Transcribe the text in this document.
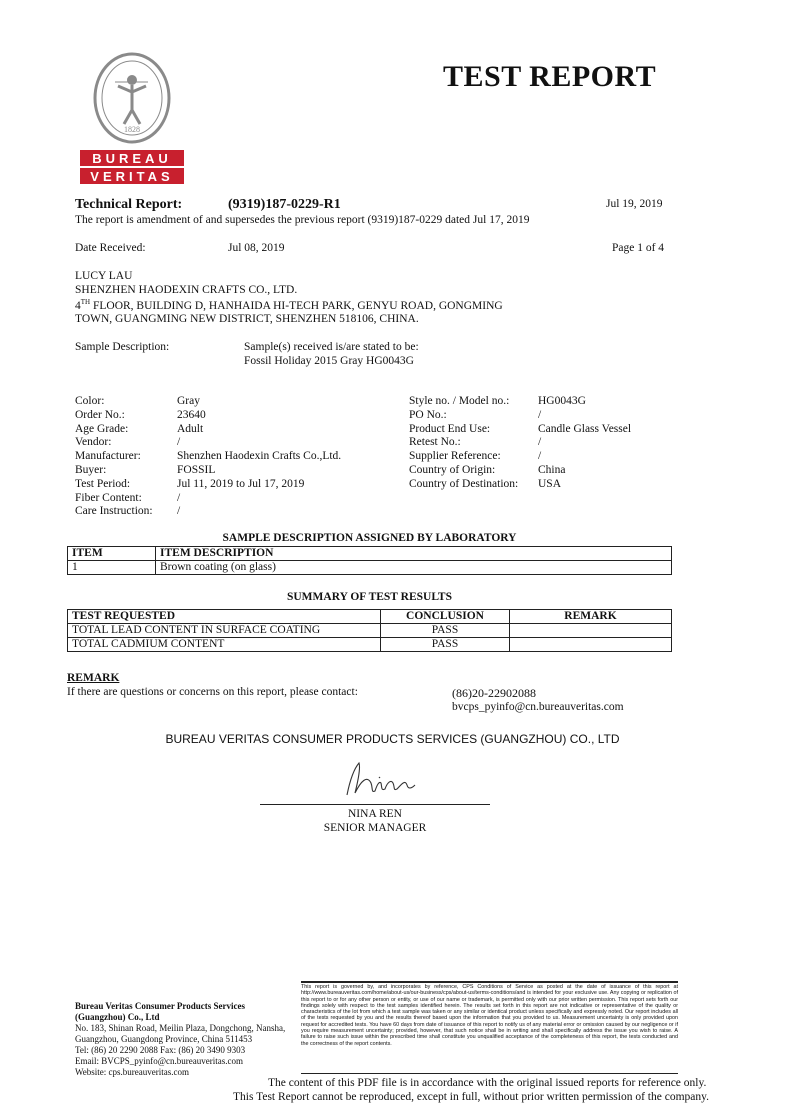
1828
BUREAU
VERITAS
TEST REPORT
Technical Report:	(9319)187-0229-R1	Jul 19, 2019
The report is amendment of and supersedes the previous report (9319)187-0229 dated Jul 17, 2019
Date Received:	Jul 08, 2019	Page 1 of 4
LUCY LAU
SHENZHEN HAODEXIN CRAFTS CO., LTD.
4TH FLOOR, BUILDING D, HANHAIDA HI-TECH PARK, GENYU ROAD, GONGMING
TOWN, GUANGMING NEW DISTRICT, SHENZHEN 518106, CHINA.
Sample Description:	Sample(s) received is/are stated to be:
Fossil Holiday 2015 Gray HG0043G
Color:	Gray
Order No.:	23640
Age Grade:	Adult
Vendor:	/
Manufacturer:	Shenzhen Haodexin Crafts Co.,Ltd.
Buyer:	FOSSIL
Test Period:	Jul 11, 2019 to Jul 17, 2019
Fiber Content:	/
Care Instruction: /
Style no. / Model no.: HG0043G
PO No.:	/
Product End Use:	Candle Glass Vessel
Retest No.:	/
Supplier Reference:	/
Country of Origin:	China
Country of Destination: USA
SAMPLE DESCRIPTION ASSIGNED BY LABORATORY
ITEM	ITEM DESCRIPTION
1	Brown coating (on glass)
SUMMARY OF TEST RESULTS
TEST REQUESTED	CONCLUSION	REMARK
TOTAL LEAD CONTENT IN SURFACE COATING	PASS	
TOTAL CADMIUM CONTENT	PASS	
REMARK
If there are questions or concerns on this report, please contact:	(86)20-22902088
bvcps_pyinfo@cn.bureauveritas.com
BUREAU VERITAS CONSUMER PRODUCTS SERVICES (GUANGZHOU) CO., LTD
NINA REN
SENIOR MANAGER
Bureau Veritas Consumer Products Services
(Guangzhou) Co., Ltd
No. 183, Shinan Road, Meilin Plaza, Dongchong, Nansha,
Guangzhou, Guangdong Province, China 511453
Tel: (86) 20 2290 2088 Fax: (86) 20 3490 9303
Email: BVCPS_pyinfo@cn.bureauveritas.com
Website: cps.bureauveritas.com
This report is governed by, and incorporates by reference, CPS Conditions of Service as posted at the date of issuance of this report at http://www.bureauveritas.com/home/about-us/our-business/cps/about-us/terms-conditions/and is intended for your exclusive use. Any copying or replication of this report to or for any other person or entity, or use of our name or trademark, is permitted only with our prior written permission. This report sets forth our findings solely with respect to the test samples identified herein. The results set forth in this report are not indicative or representative of the quality or characteristics of the lot from which a test sample was taken or any similar or identical product unless specifically and expressly noted. Our report includes all of the tests requested by you and the results thereof based upon the information that you provided to us. Measurement uncertainty is only provided upon request for accredited tests. You have 60 days from date of issuance of this report to notify us of any material error or omission caused by our negligence or if you require measurement uncertainty; provided, however, that such notice shall be in writing and shall specifically address the issue you wish to raise. A failure to raise such issue within the prescribed time shall constitute you unqualified acceptance of the completeness of this report, the tests conducted and the correctness of the report contents.
The content of this PDF file is in accordance with the original issued reports for reference only.
This Test Report cannot be reproduced, except in full, without prior written permission of the company.
